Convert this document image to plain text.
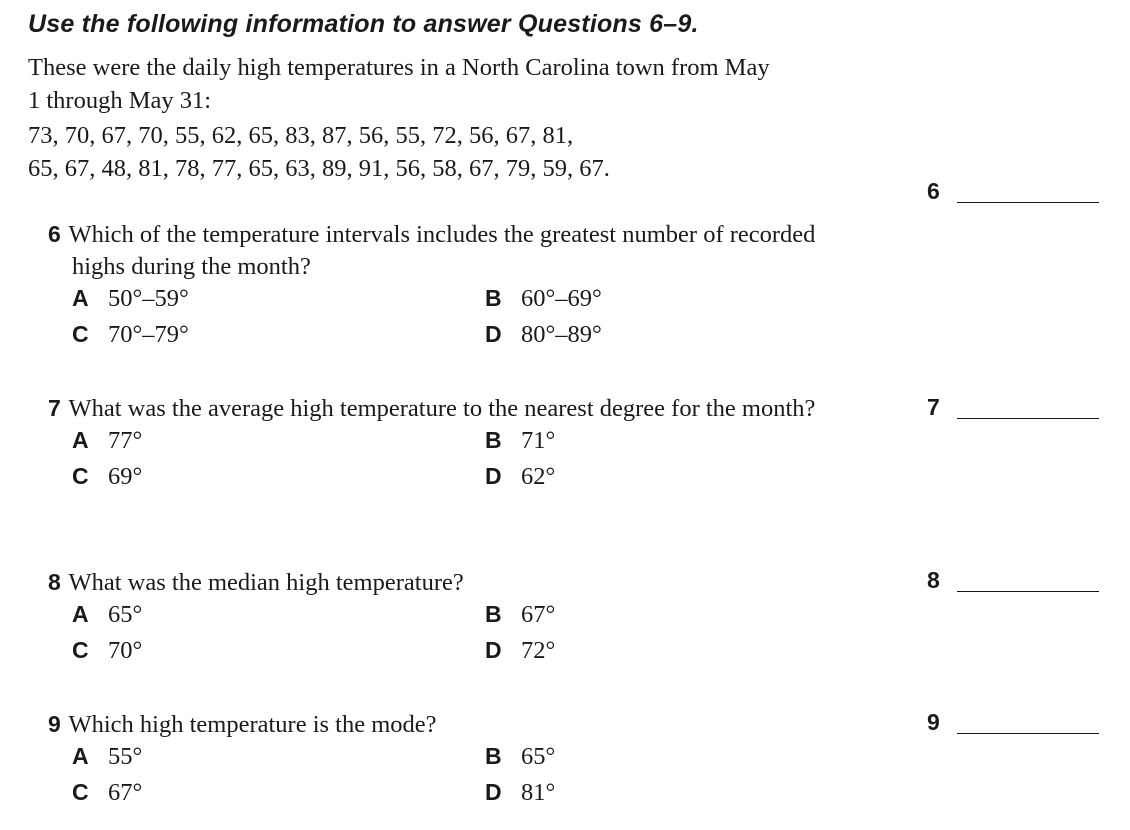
Use the following information to answer Questions 6–9.

These were the daily high temperatures in a North Carolina town from May

1 through May 31:

73, 70, 67, 70, 55, 62, 65, 83, 87, 56, 55, 72, 56, 67, 81,
65, 67, 48, 81, 78, 77, 65, 63, 89, 91, 56, 58, 67, 79, 59, 67.
6
7
8
9
6 Which of the temperature intervals includes the greatest number of recorded highs during the month?
A 50°–59°	B 60°–69°
C 70°–79°	D 80°–89°
7 What was the average high temperature to the nearest degree for the month?
A 77°	B 71°
C 69°	D 62°
8 What was the median high temperature?
A 65°	B 67°
C 70°	D 72°
9 Which high temperature is the mode?
A 55°	B 65°
C 67°	D 81°
